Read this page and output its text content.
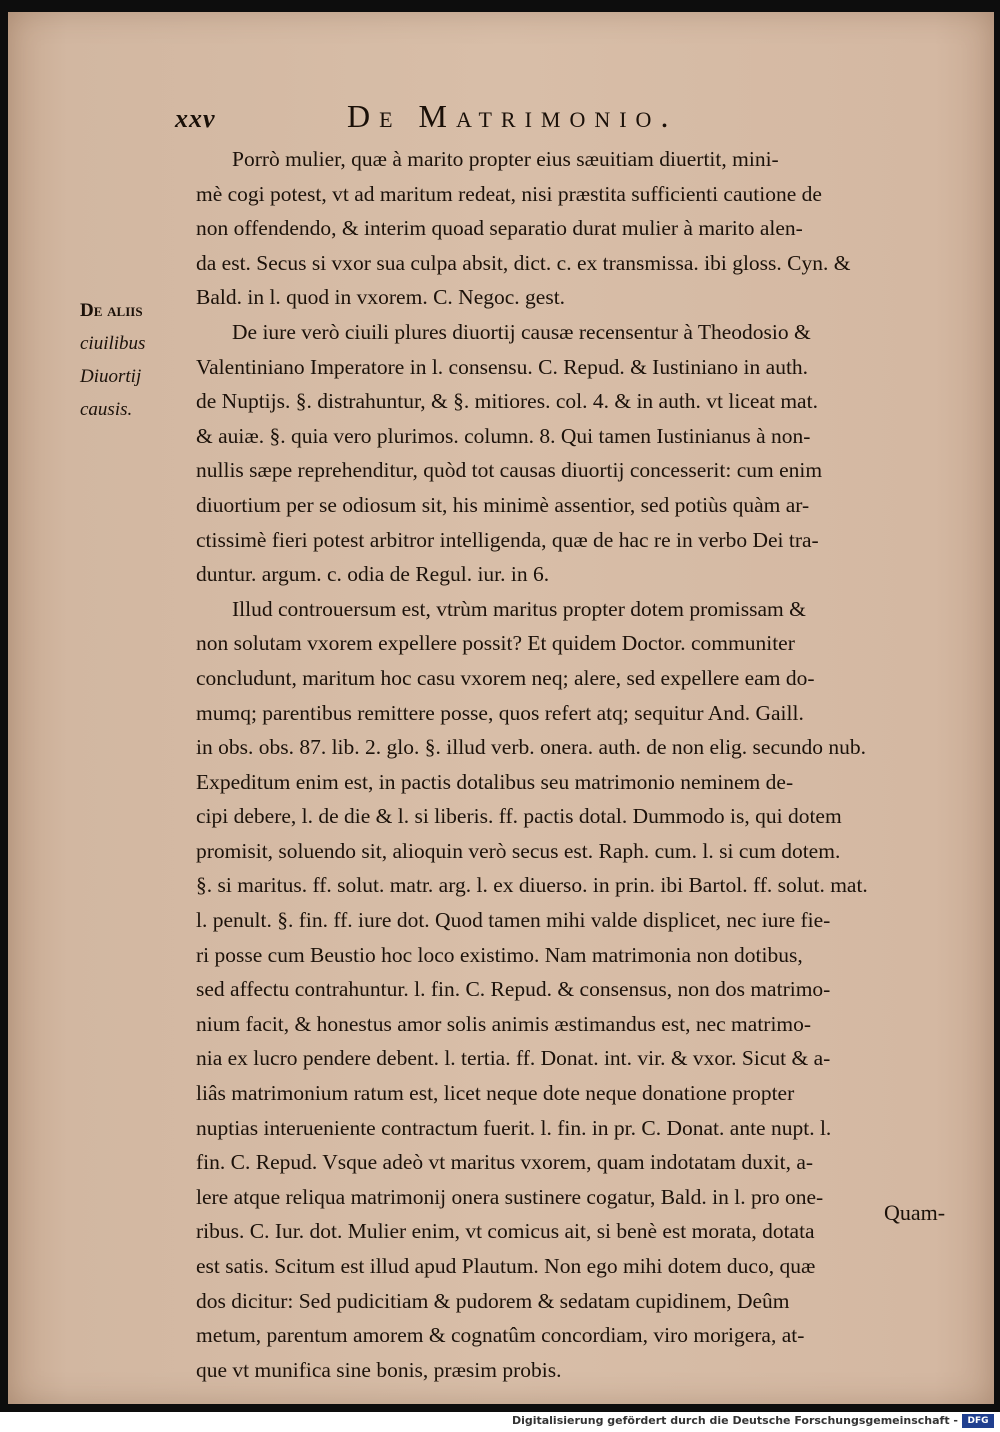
xxv	De Matrimonio.
De aliis
ciuilibus
Diuortij
causis.
Porrò mulier, quæ à marito propter eius sæuitiam diuertit, mini-
mè cogi potest, vt ad maritum redeat, nisi præstita sufficienti cautione de
non offendendo, & interim quoad separatio durat mulier à marito alen-
da est. Secus si vxor sua culpa absit, dict. c. ex transmissa. ibi gloss. Cyn. &
Bald. in l. quod in vxorem. C. Negoc. gest.
De iure verò ciuili plures diuortij causæ recensentur à Theodosio &
Valentiniano Imperatore in l. consensu. C. Repud. & Iustiniano in auth.
de Nuptijs. §. distrahuntur, & §. mitiores. col. 4. & in auth. vt liceat mat.
& auiæ. §. quia vero plurimos. column. 8. Qui tamen Iustinianus à non-
nullis sæpe reprehenditur, quòd tot causas diuortij concesserit: cum enim
diuortium per se odiosum sit, his minimè assentior, sed potiùs quàm ar-
ctissimè fieri potest arbitror intelligenda, quæ de hac re in verbo Dei tra-
duntur. argum. c. odia de Regul. iur. in 6.
Illud controuersum est, vtrùm maritus propter dotem promissam &
non solutam vxorem expellere possit? Et quidem Doctor. communiter
concludunt, maritum hoc casu vxorem neq; alere, sed expellere eam do-
mumq; parentibus remittere posse, quos refert atq; sequitur And. Gaill.
in obs. obs. 87. lib. 2. glo. §. illud verb. onera. auth. de non elig. secundo nub.
Expeditum enim est, in pactis dotalibus seu matrimonio neminem de-
cipi debere, l. de die & l. si liberis. ff. pactis dotal. Dummodo is, qui dotem
promisit, soluendo sit, alioquin verò secus est. Raph. cum. l. si cum dotem.
§. si maritus. ff. solut. matr. arg. l. ex diuerso. in prin. ibi Bartol. ff. solut. mat.
l. penult. §. fin. ff. iure dot. Quod tamen mihi valde displicet, nec iure fie-
ri posse cum Beustio hoc loco existimo. Nam matrimonia non dotibus,
sed affectu contrahuntur. l. fin. C. Repud. & consensus, non dos matrimo-
nium facit, & honestus amor solis animis æstimandus est, nec matrimo-
nia ex lucro pendere debent. l. tertia. ff. Donat. int. vir. & vxor. Sicut & a-
liâs matrimonium ratum est, licet neque dote neque donatione propter
nuptias interueniente contractum fuerit. l. fin. in pr. C. Donat. ante nupt. l.
fin. C. Repud. Vsque adeò vt maritus vxorem, quam indotatam duxit, a-
lere atque reliqua matrimonij onera sustinere cogatur, Bald. in l. pro one-
ribus. C. Iur. dot. Mulier enim, vt comicus ait, si benè est morata, dotata
est satis. Scitum est illud apud Plautum. Non ego mihi dotem duco, quæ
dos dicitur: Sed pudicitiam & pudorem & sedatam cupidinem, Deûm
metum, parentum amorem & cognatûm concordiam, viro morigera, at-
que vt munifica sine bonis, præsim probis.
Quam-
Digitalisierung gefördert durch die Deutsche Forschungsgemeinschaft -	DFG
